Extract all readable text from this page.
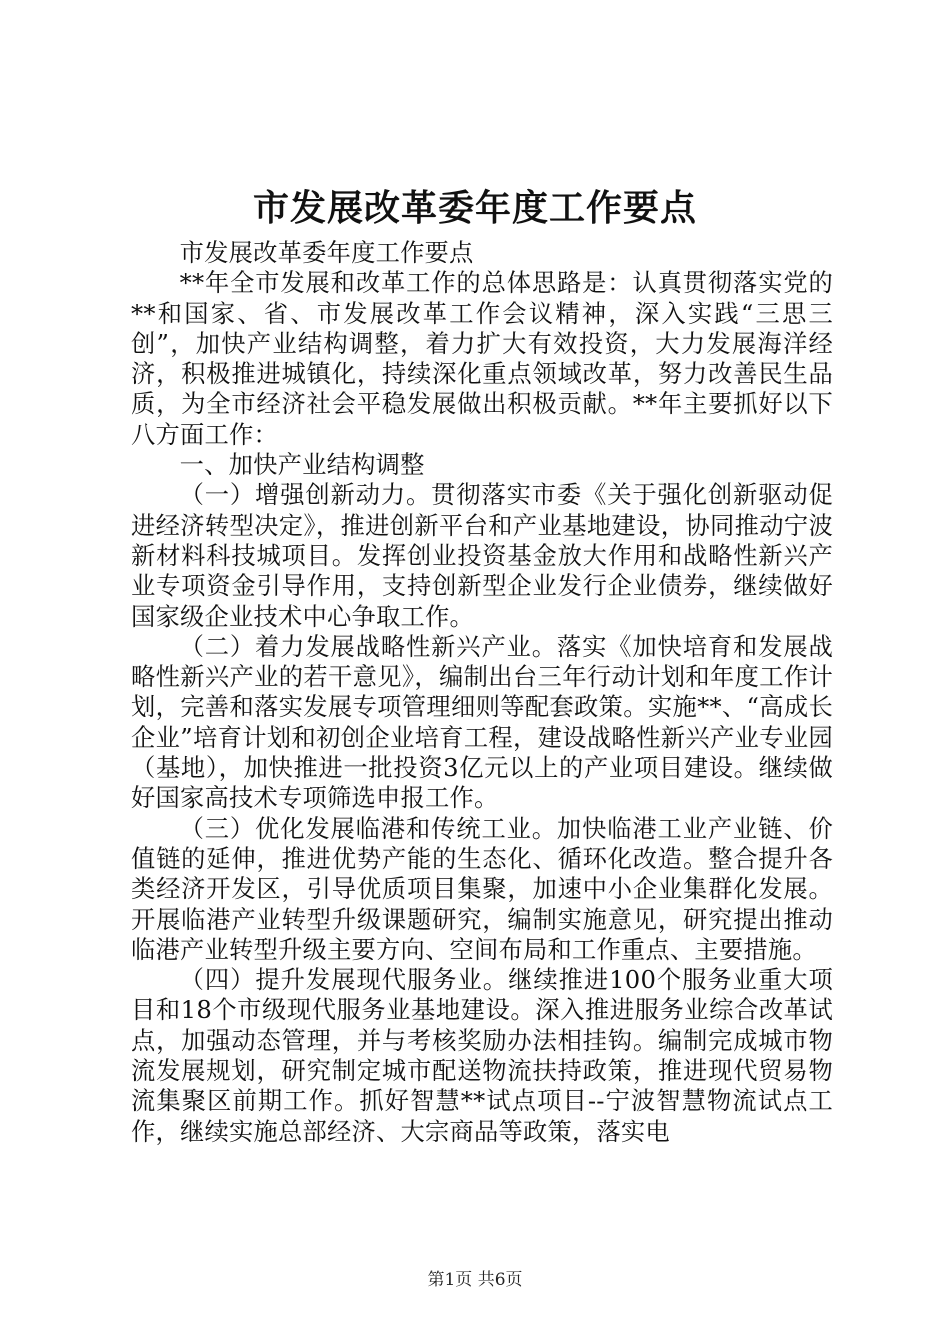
市发展改革委年度工作要点

市发展改革委年度工作要点

**年全市发展和改革工作的总体思路是：认真贯彻落实党的**和国家、省、市发展改革工作会议精神，深入实践“三思三创”，加快产业结构调整，着力扩大有效投资，大力发展海洋经济，积极推进城镇化，持续深化重点领域改革，努力改善民生品质，为全市经济社会平稳发展做出积极贡献。**年主要抓好以下八方面工作：

一、加快产业结构调整

（一）增强创新动力。贯彻落实市委《关于强化创新驱动促进经济转型决定》，推进创新平台和产业基地建设，协同推动宁波新材料科技城项目。发挥创业投资基金放大作用和战略性新兴产业专项资金引导作用，支持创新型企业发行企业债券，继续做好国家级企业技术中心争取工作。

（二）着力发展战略性新兴产业。落实《加快培育和发展战略性新兴产业的若干意见》，编制出台三年行动计划和年度工作计划，完善和落实发展专项管理细则等配套政策。实施**、“高成长企业”培育计划和初创企业培育工程，建设战略性新兴产业专业园（基地），加快推进一批投资3亿元以上的产业项目建设。继续做好国家高技术专项筛选申报工作。

（三）优化发展临港和传统工业。加快临港工业产业链、价值链的延伸，推进优势产能的生态化、循环化改造。整合提升各类经济开发区，引导优质项目集聚，加速中小企业集群化发展。开展临港产业转型升级课题研究，编制实施意见，研究提出推动临港产业转型升级主要方向、空间布局和工作重点、主要措施。

（四）提升发展现代服务业。继续推进100个服务业重大项目和18个市级现代服务业基地建设。深入推进服务业综合改革试点，加强动态管理，并与考核奖励办法相挂钩。编制完成城市物流发展规划，研究制定城市配送物流扶持政策，推进现代贸易物流集聚区前期工作。抓好智慧**试点项目--宁波智慧物流试点工作，继续实施总部经济、大宗商品等政策，落实电

第1页 共6页
